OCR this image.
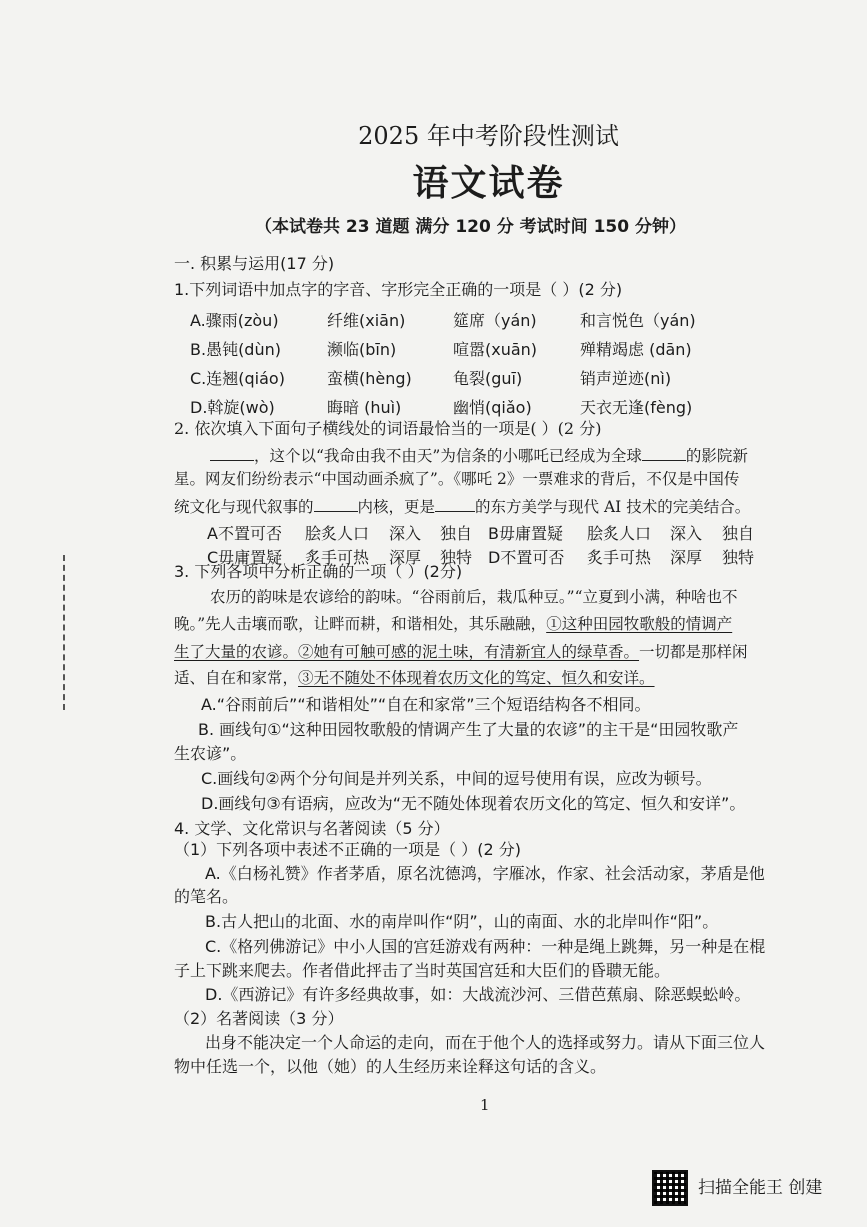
2025 年中考阶段性测试
语文试卷
（本试卷共 23 道题 满分 120 分 考试时间 150 分钟）
一. 积累与运用(17 分)
1.下列词语中加点字的字音、字形完全正确的一项是（ ）(2 分)
A.骤雨(zòu)	纤维(xiān)	筵席（yán)	和言悦色（yán)
B.愚钝(dùn)	濒临(bīn)	喧嚣(xuān)	殚精竭虑 (dān)
C.连翘(qiáo)	蛮横(hèng)	龟裂(guī)	销声逆迹(nì)
D.斡旋(wò)	晦暗 (huì)	幽悄(qiǎo)	天衣无逢(fèng)
2. 依次填入下面句子横线处的词语最恰当的一项是( ）(2 分)
，这个以“我命由我不由天”为信条的小哪吒已经成为全球	的影院新
星。网友们纷纷表示“中国动画杀疯了”。《哪吒 2》一票难求的背后，不仅是中国传
统文化与现代叙事的	内核，更是	的东方美学与现代 AI 技术的完美结合。
A不置可否 脍炙人口 深入 独自 B毋庸置疑 脍炙人口 深入 独自
C毋庸置疑 炙手可热 深厚 独特 D不置可否 炙手可热 深厚 独特
3. 下列各项中分析正确的一项（ ）(2分)
农历的韵味是农谚给的韵味。“谷雨前后，栽瓜种豆。”“立夏到小满，种啥也不
晚。”先人击壤而歌，让畔而耕，和谐相处，其乐融融，①这种田园牧歌般的情调产
生了大量的农谚。②她有可触可感的泥土味，有清新宜人的绿草香。一切都是那样闲
适、自在和家常，③无不随处不体现着农历文化的笃定、恒久和安详。
A.“谷雨前后”“和谐相处”“自在和家常”三个短语结构各不相同。
B. 画线句①“这种田园牧歌般的情调产生了大量的农谚”的主干是“田园牧歌产
生农谚”。
C.画线句②两个分句间是并列关系，中间的逗号使用有误，应改为顿号。
D.画线句③有语病，应改为“无不随处体现着农历文化的笃定、恒久和安详”。
4. 文学、文化常识与名著阅读（5 分）
（1）下列各项中表述不正确的一项是（ ）(2 分)
A.《白杨礼赞》作者茅盾，原名沈德鸿，字雁冰，作家、社会活动家，茅盾是他
的笔名。
B.古人把山的北面、水的南岸叫作“阴”，山的南面、水的北岸叫作“阳”。
C.《格列佛游记》中小人国的宫廷游戏有两种：一种是绳上跳舞，另一种是在棍
子上下跳来爬去。作者借此抨击了当时英国宫廷和大臣们的昏聩无能。
D.《西游记》有许多经典故事，如：大战流沙河、三借芭蕉扇、除恶蜈蚣岭。
（2）名著阅读（3 分）
出身不能决定一个人命运的走向，而在于他个人的选择或努力。请从下面三位人
物中任选一个，以他（她）的人生经历来诠释这句话的含义。
1
扫描全能王 创建
